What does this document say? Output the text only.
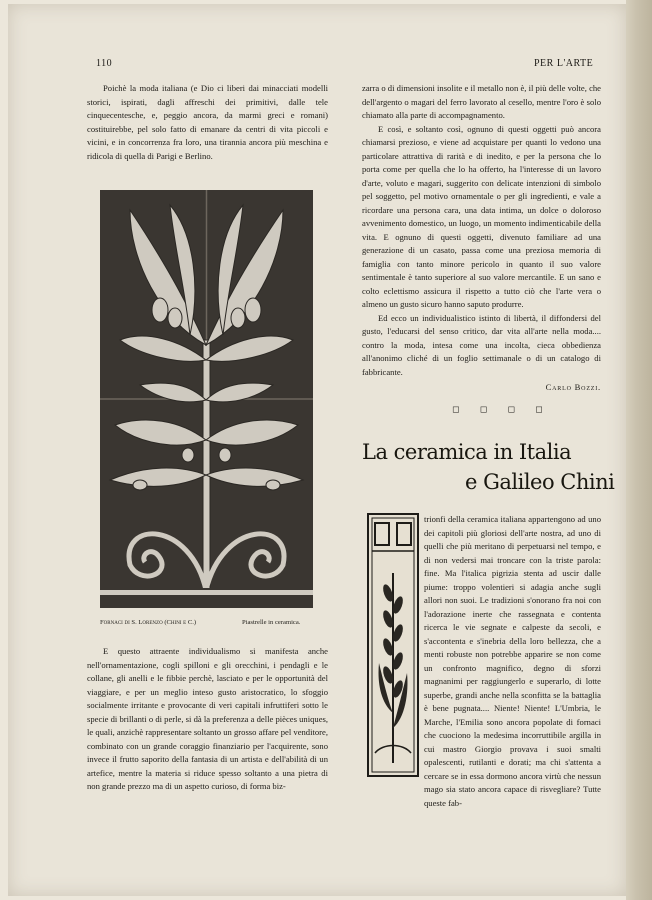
110	PER L'ARTE

Poichè la moda italiana (e Dio ci liberi dai minacciati modelli storici, ispirati, dagli affreschi dei primitivi, dalle tele cinquecentesche, e, peggio ancora, da marmi greci e romani) costituirebbe, pel solo fatto di emanare da centri di vita piccoli e vicini, e in concorrenza fra loro, una tirannia ancora più meschina e ridicola di quella di Parigi e Berlino.

Fornaci di S. Lorenzo (Chini e C.)	Piastrelle in ceramica.

E questo attraente individualismo si manifesta anche nell'ornamentazione, cogli spilloni e gli orecchini, i pendagli e le collane, gli anelli e le fibbie perchè, lasciato e per le opportunità del viaggiare, e per un meglio inteso gusto aristocratico, lo sfoggio socialmente irritante e provocante di veri capitali infruttiferi sotto le specie di brillanti o di perle, si dà la preferenza a delle pièces uniques, le quali, anzichè rappresentare soltanto un grosso affare pel venditore, combinato con un grande coraggio finanziario per l'acquirente, sono invece il frutto saporito della fantasia di un artista e dell'abilità di un artefice, mentre la materia si riduce spesso soltanto a una pietra di non grande prezzo ma di un aspetto curioso, di forma biz-

zarra o di dimensioni insolite e il metallo non è, il più delle volte, che dell'argento o magari del ferro lavorato al cesello, mentre l'oro è solo chiamato alla parte di accompagnamento.

E così, e soltanto così, ognuno di questi oggetti può ancora chiamarsi prezioso, e viene ad acquistare per quanti lo vedono una particolare attrattiva di rarità e di inedito, e per la persona che lo porta come per quella che lo ha offerto, ha l'interesse di un lavoro d'arte, voluto e magari, suggerito con delicate intenzioni di simbolo pel soggetto, pel motivo ornamentale o per gli ingredienti, e vale a ricordare una persona cara, una data intima, un dolce o doloroso avvenimento domestico, un luogo, un momento indimenticabile della vita. E ognuno di questi oggetti, divenuto familiare ad una generazione di un casato, passa come una preziosa memoria di famiglia con tanto minore pericolo in quanto il suo valore sentimentale è tanto superiore al suo valore mercantile. E un sano e colto eclettismo assicura il rispetto a tutto ciò che l'arte vera o almeno un gusto sicuro hanno saputo produrre.

Ed ecco un individualistico istinto di libertà, il diffondersi del gusto, l'educarsi del senso critico, dar vita all'arte nella moda.... contro la moda, intesa come una incolta, cieca obbedienza all'anonimo cliché di un foglio settimanale o di un catalogo di fabbricante.

Carlo Bozzi.
◻ ◻ ◻ ◻
La ceramica in Italia
e Galileo Chini

trionfi della ceramica italiana appartengono ad uno dei capitoli più gloriosi dell'arte nostra, ad uno di quelli che più meritano di perpetuarsi nel tempo, e di non vedersi mai troncare con la triste parola: fine. Ma l'italica pigrizia stenta ad uscir dalle piume: troppo volentieri si adagia anche sugli allori non suoi. Le tradizioni s'onorano fra noi con l'adorazione inerte che rassegnata e contenta ricerca le vie segnate e calpeste da secoli, e s'accontenta e s'inebria della loro bellezza, che a menti robuste non potrebbe apparire se non come un confronto magnifico, degno di sforzi magnanimi per raggiungerlo e superarlo, di lotte superbe, grandi anche nella sconfitta se la battaglia è bene pugnata.... Niente! Niente! L'Umbria, le Marche, l'Emilia sono ancora popolate di fornaci che cuociono la medesima incorruttibile argilla in cui mastro Giorgio provava i suoi smalti opalescenti, rutilanti e dorati; ma chi s'attenta a cercare se in essa dormono ancora virtù che nessun mago sia stato ancora capace di risvegliare? Tutte queste fab-
